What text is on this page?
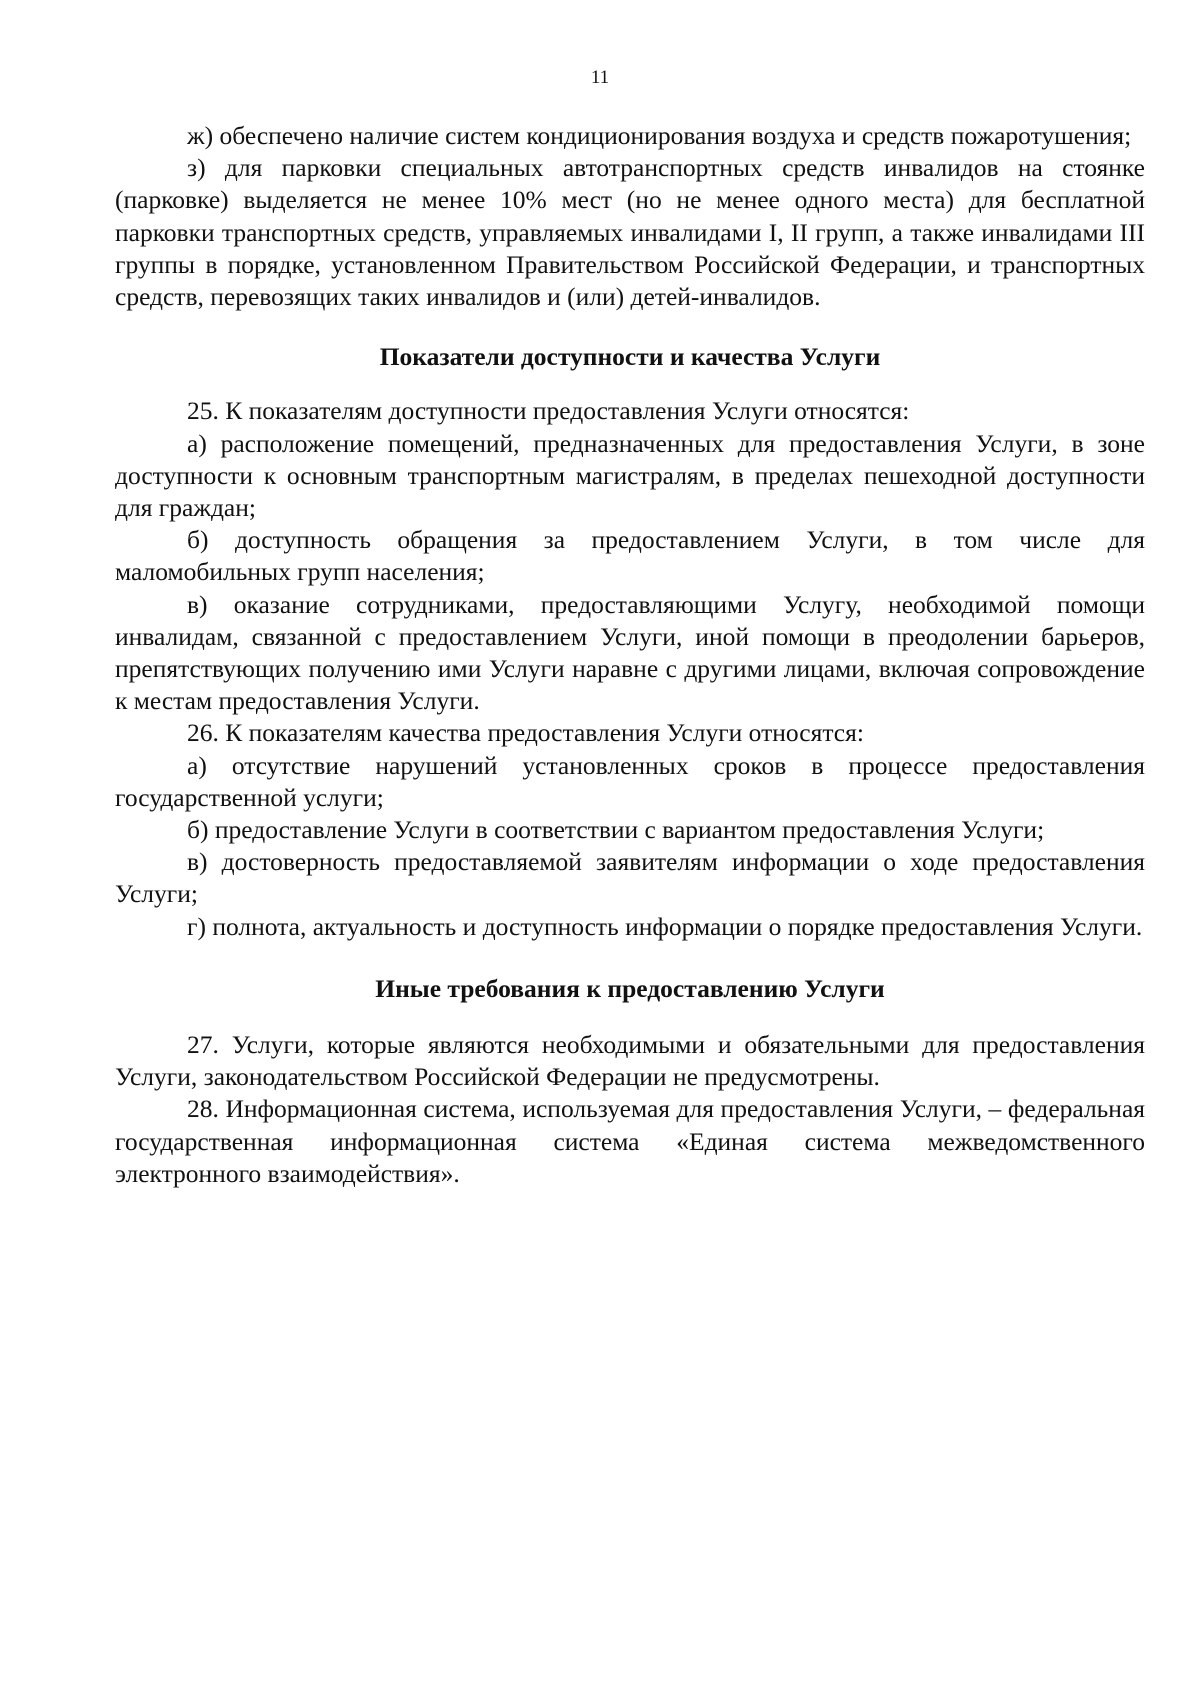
11

ж) обеспечено наличие систем кондиционирования воздуха и средств пожаротушения;

з) для парковки специальных автотранспортных средств инвалидов на стоянке (парковке) выделяется не менее 10% мест (но не менее одного места) для бесплатной парковки транспортных средств, управляемых инвалидами I, II групп, а также инвалидами III группы в порядке, установленном Правительством Российской Федерации, и транспортных средств, перевозящих таких инвалидов и (или) детей-инвалидов.

Показатели доступности и качества Услуги

25. К показателям доступности предоставления Услуги относятся:

а) расположение помещений, предназначенных для предоставления Услуги, в зоне доступности к основным транспортным магистралям, в пределах пешеходной доступности для граждан;

б) доступность обращения за предоставлением Услуги, в том числе для маломобильных групп населения;

в) оказание сотрудниками, предоставляющими Услугу, необходимой помощи инвалидам, связанной с предоставлением Услуги, иной помощи в преодолении барьеров, препятствующих получению ими Услуги наравне с другими лицами, включая сопровождение к местам предоставления Услуги.

26. К показателям качества предоставления Услуги относятся:

а) отсутствие нарушений установленных сроков в процессе предоставления государственной услуги;

б) предоставление Услуги в соответствии с вариантом предоставления Услуги;

в) достоверность предоставляемой заявителям информации о ходе предоставления Услуги;

г) полнота, актуальность и доступность информации о порядке предоставления Услуги.

Иные требования к предоставлению Услуги

27. Услуги, которые являются необходимыми и обязательными для предоставления Услуги, законодательством Российской Федерации не предусмотрены.

28. Информационная система, используемая для предоставления Услуги, – федеральная государственная информационная система «Единая система межведомственного электронного взаимодействия».
